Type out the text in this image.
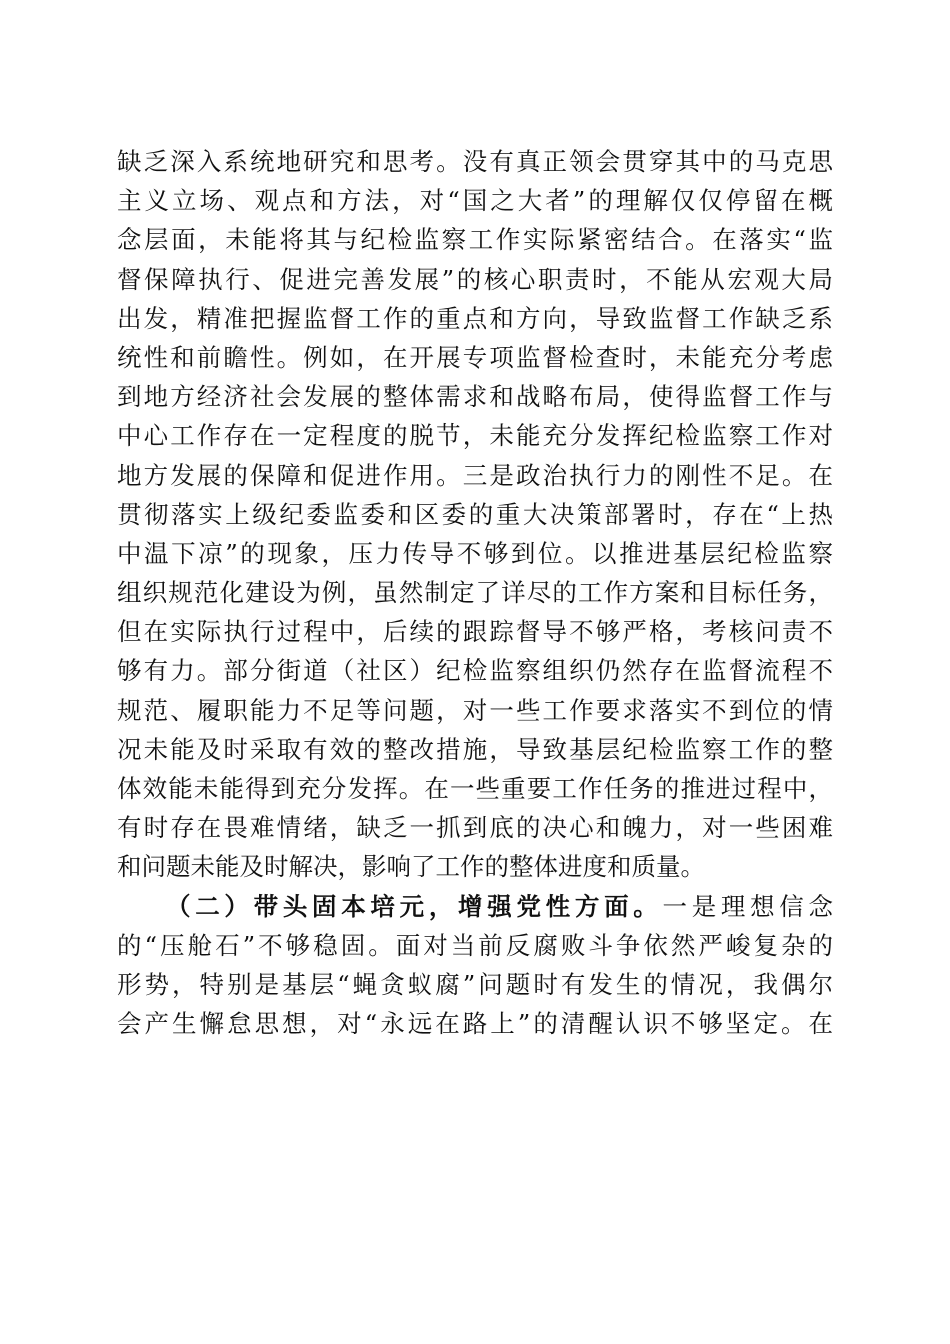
缺乏深入系统地研究和思考。没有真正领会贯穿其中的马克思
主义立场、观点和方法，对“国之大者”的理解仅仅停留在概
念层面，未能将其与纪检监察工作实际紧密结合。在落实“监
督保障执行、促进完善发展”的核心职责时，不能从宏观大局
出发，精准把握监督工作的重点和方向，导致监督工作缺乏系
统性和前瞻性。例如，在开展专项监督检查时，未能充分考虑
到地方经济社会发展的整体需求和战略布局，使得监督工作与
中心工作存在一定程度的脱节，未能充分发挥纪检监察工作对
地方发展的保障和促进作用。三是政治执行力的刚性不足。在
贯彻落实上级纪委监委和区委的重大决策部署时，存在“上热
中温下凉”的现象，压力传导不够到位。以推进基层纪检监察
组织规范化建设为例，虽然制定了详尽的工作方案和目标任务，
但在实际执行过程中，后续的跟踪督导不够严格，考核问责不
够有力。部分街道（社区）纪检监察组织仍然存在监督流程不
规范、履职能力不足等问题，对一些工作要求落实不到位的情
况未能及时采取有效的整改措施，导致基层纪检监察工作的整
体效能未能得到充分发挥。在一些重要工作任务的推进过程中，
有时存在畏难情绪，缺乏一抓到底的决心和魄力，对一些困难
和问题未能及时解决，影响了工作的整体进度和质量。
（二）带头固本培元，增强党性方面。一是理想信念
的“压舱石”不够稳固。面对当前反腐败斗争依然严峻复杂的
形势，特别是基层“蝇贪蚁腐”问题时有发生的情况，我偶尔
会产生懈怠思想，对“永远在路上”的清醒认识不够坚定。在
